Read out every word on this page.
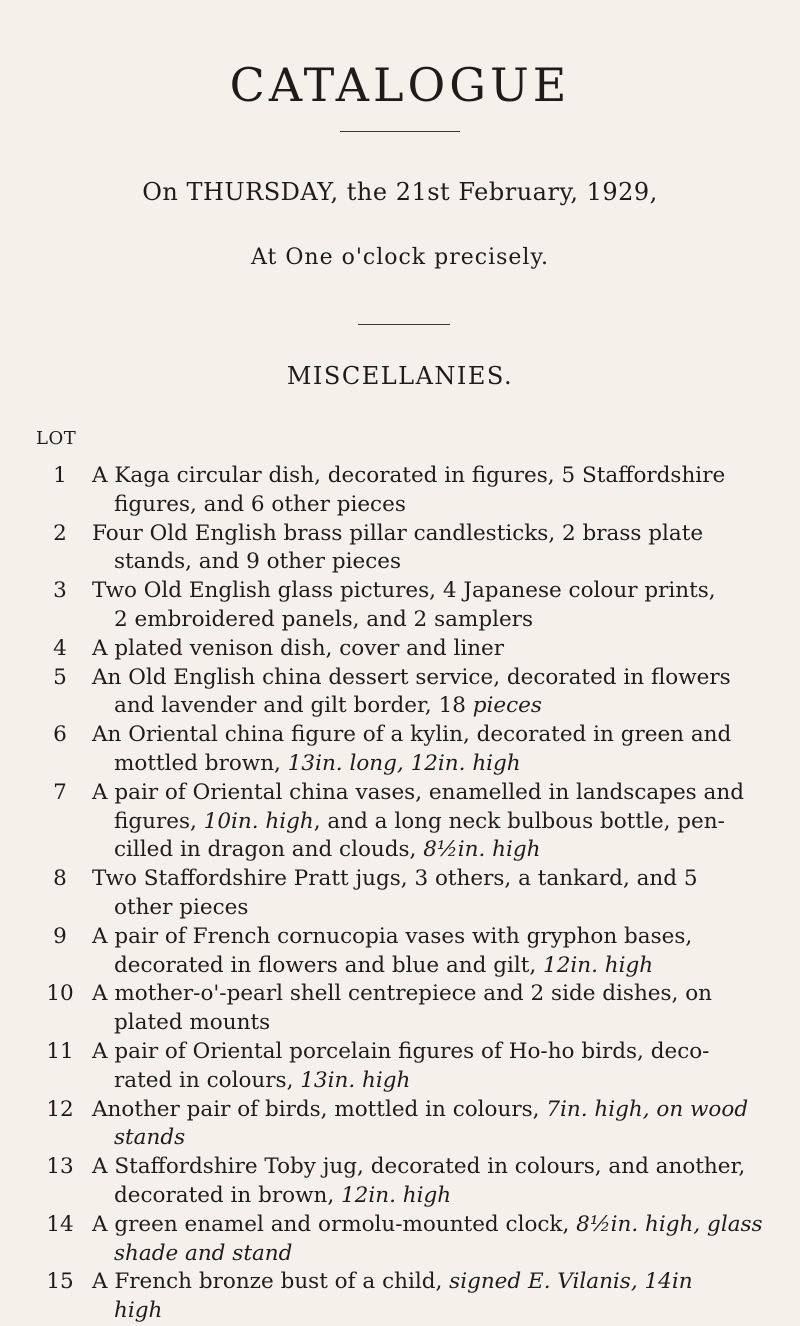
CATALOGUE
On THURSDAY, the 21st February, 1929,
At One o'clock precisely.
MISCELLANIES.
LOT
1	A Kaga circular dish, decorated in figures, 5 Staffordshire
figures, and 6 other pieces
2	Four Old English brass pillar candlesticks, 2 brass plate
stands, and 9 other pieces
3	Two Old English glass pictures, 4 Japanese colour prints,
2 embroidered panels, and 2 samplers
4	A plated venison dish, cover and liner
5	An Old English china dessert service, decorated in flowers
and lavender and gilt border, 18 pieces
6	An Oriental china figure of a kylin, decorated in green and
mottled brown, 13in. long, 12in. high
7	A pair of Oriental china vases, enamelled in landscapes and
figures, 10in. high, and a long neck bulbous bottle, pen-
cilled in dragon and clouds, 8½in. high
8	Two Staffordshire Pratt jugs, 3 others, a tankard, and 5
other pieces
9	A pair of French cornucopia vases with gryphon bases,
decorated in flowers and blue and gilt, 12in. high
10 A mother-o'-pearl shell centrepiece and 2 side dishes, on
plated mounts
11 A pair of Oriental porcelain figures of Ho-ho birds, deco-
rated in colours, 13in. high
12 Another pair of birds, mottled in colours, 7in. high, on wood
stands
13 A Staffordshire Toby jug, decorated in colours, and another,
decorated in brown, 12in. high
14 A green enamel and ormolu-mounted clock, 8½in. high, glass
shade and stand
15 A French bronze bust of a child, signed E. Vilanis, 14in
high
